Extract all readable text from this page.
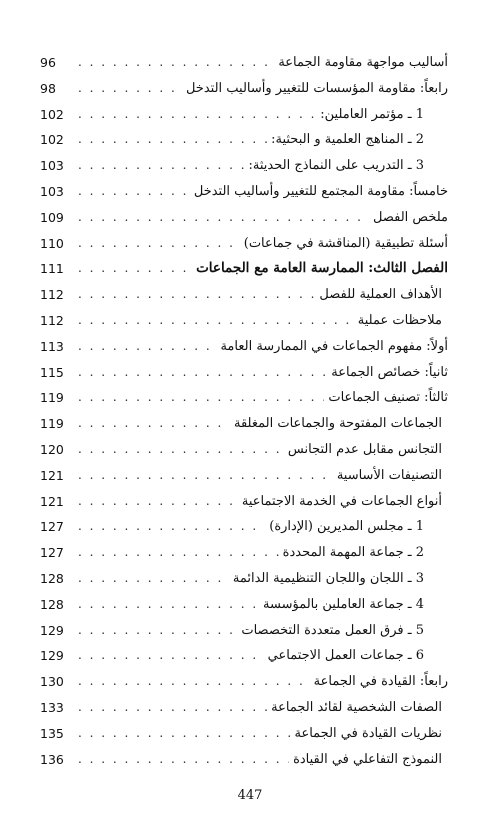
أساليب مواجهة مقاومة الجماعة
. . .
96
رابعاً: مقاومة المؤسسات للتغيير وأساليب التدخل
. . .
98
1 ـ مؤتمر العاملين:
. . .
102
2 ـ المناهج العلمية و البحثية:
. . .
102
3 ـ التدريب على النماذج الحديثة:
. . .
103
خامساً: مقاومة المجتمع للتغيير وأساليب التدخل
. . .
103
ملخص الفصل
. . .
109
أسئلة تطبيقية (المناقشة في جماعات)
. . .
110
الفصل الثالث: الممارسة العامة مع الجماعات
. . .
111
الأهداف العملية للفصل
. . .
112
ملاحظات عملية
. . .
112
أولاً: مفهوم الجماعات في الممارسة العامة
. . .
113
ثانياً: خصائص الجماعة
. . .
115
ثالثاً: تصنيف الجماعات
. . .
119
الجماعات المفتوحة والجماعات المغلقة
. . .
119
التجانس مقابل عدم التجانس
. . .
120
التصنيفات الأساسية
. . .
121
أنواع الجماعات في الخدمة الاجتماعية
. . .
121
1 ـ مجلس المديرين (الإدارة)
. . .
127
2 ـ جماعة المهمة المحددة
. . .
127
3 ـ اللجان واللجان التنظيمية الدائمة
. . .
128
4 ـ جماعة العاملين بالمؤسسة
. . .
128
5 ـ فرق العمل متعددة التخصصات
. . .
129
6 ـ جماعات العمل الاجتماعي
. . .
129
رابعاً: القيادة في الجماعة
. . .
130
الصفات الشخصية لقائد الجماعة
. . .
133
نظريات القيادة في الجماعة
. . .
135
النموذج التفاعلي في القيادة
. . .
136
447
